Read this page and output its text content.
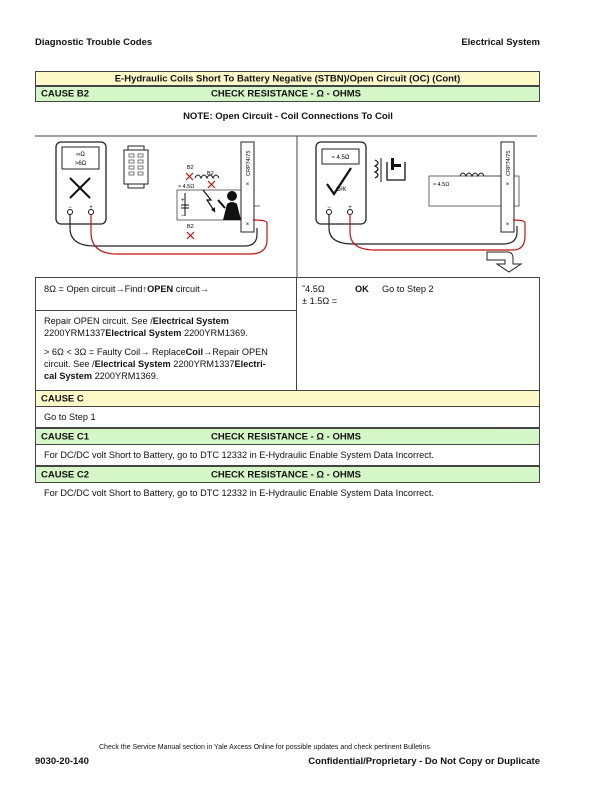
Diagnostic Trouble Codes	Electrical System
E-Hydraulic Coils Short To Battery Negative (STBN)/Open Circuit (OC) (Cont)
CAUSE B2	CHECK RESISTANCE - Ω - OHMS
NOTE: Open Circuit - Coil Connections To Coil
∞Ω
>6Ω
−	+
B2
≈ 4.5Ω
B2
+
−
B2
CRP74/75
×
×
≈ 4.5Ω
O/K
−	+
≈ 4.5Ω
CRP74/75
×
×
8Ω = Open circuit→Find↑OPEN circuit→	˜4.5Ω	OK Go to Step 2
± 1.5Ω =
Repair OPEN circuit. See /Electrical System
2200YRM1337Electrical System 2200YRM1369.
> 6Ω < 3Ω = Faulty Coil→ ReplaceCoil→Repair OPEN
circuit. See /Electrical System 2200YRM1337Electri-
cal System 2200YRM1369.
CAUSE C
Go to Step 1
CAUSE C1	CHECK RESISTANCE - Ω - OHMS
For DC/DC volt Short to Battery, go to DTC 12332 in E-Hydraulic Enable System Data Incorrect.
CAUSE C2	CHECK RESISTANCE - Ω - OHMS
For DC/DC volt Short to Battery, go to DTC 12332 in E-Hydraulic Enable System Data Incorrect.
Check the Service Manual section in Yale Axcess Online for possible updates and check pertinent Bulletins
9030-20-140	Confidential/Proprietary - Do Not Copy or Duplicate
